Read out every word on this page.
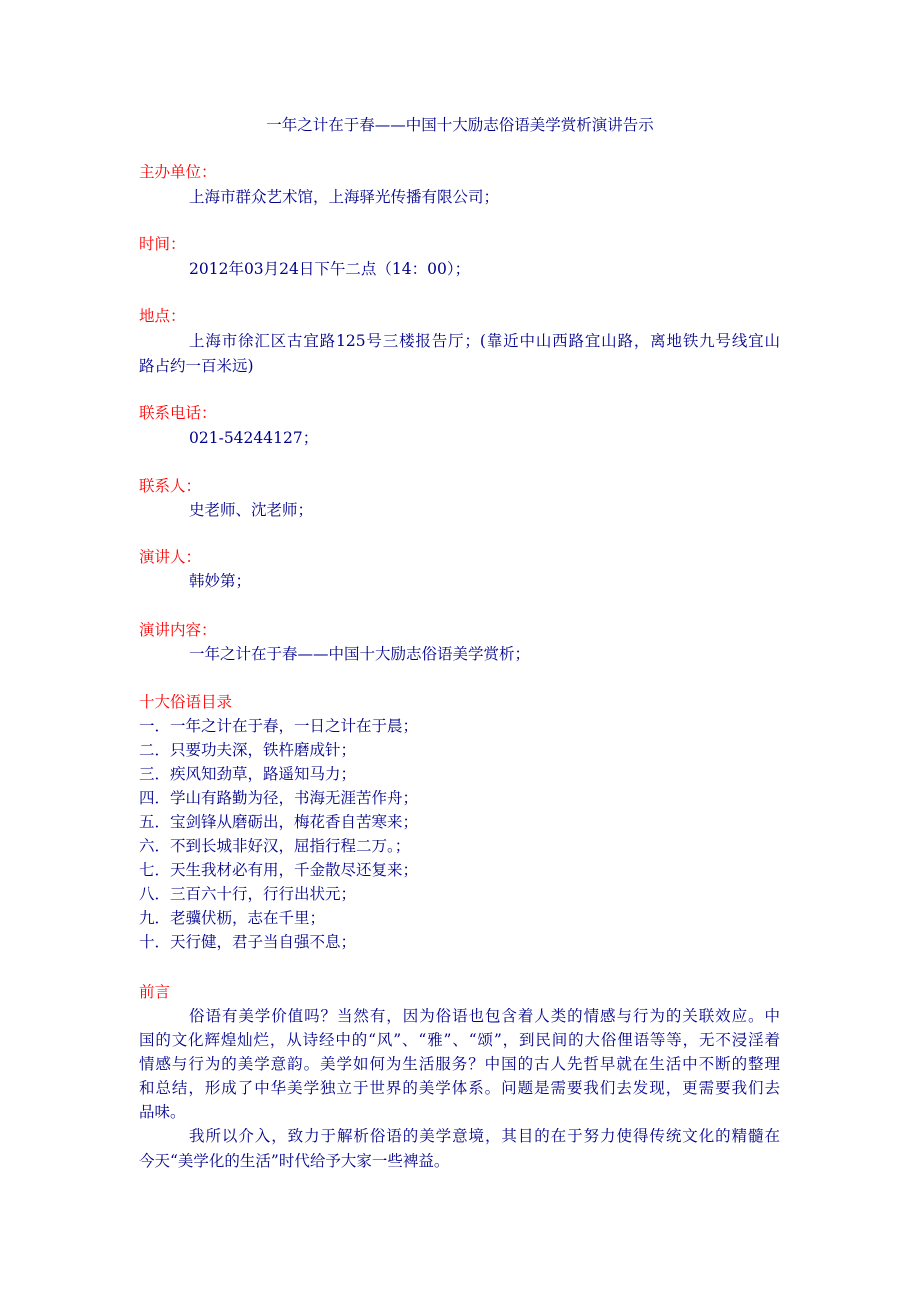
一年之计在于春——中国十大励志俗语美学赏析演讲告示
主办单位：
上海市群众艺术馆，上海驿光传播有限公司；
时间：
2012年03月24日下午二点（14：00）；
地点：
上海市徐汇区古宜路125号三楼报告厅；(靠近中山西路宜山路，离地铁九号线宜山
路占约一百米远)
联系电话：
021-54244127；
联系人：
史老师、沈老师；
演讲人：
韩妙第；
演讲内容：
一年之计在于春——中国十大励志俗语美学赏析；
十大俗语目录
一．一年之计在于春，一日之计在于晨；
二．只要功夫深，铁杵磨成针；
三．疾风知劲草，路遥知马力；
四．学山有路勤为径，书海无涯苦作舟；
五．宝剑锋从磨砺出，梅花香自苦寒来；
六．不到长城非好汉，屈指行程二万。；
七．天生我材必有用，千金散尽还复来；
八．三百六十行，行行出状元；
九．老骥伏枥，志在千里；
十．天行健，君子当自强不息；
前言
俗语有美学价值吗？当然有，因为俗语也包含着人类的情感与行为的关联效应。中
国的文化辉煌灿烂，从诗经中的“风”、“雅”、“颂”，到民间的大俗俚语等等，无不浸淫着
情感与行为的美学意韵。美学如何为生活服务？中国的古人先哲早就在生活中不断的整理
和总结，形成了中华美学独立于世界的美学体系。问题是需要我们去发现，更需要我们去
品味。
我所以介入，致力于解析俗语的美学意境，其目的在于努力使得传统文化的精髓在
今天“美学化的生活”时代给予大家一些裨益。
